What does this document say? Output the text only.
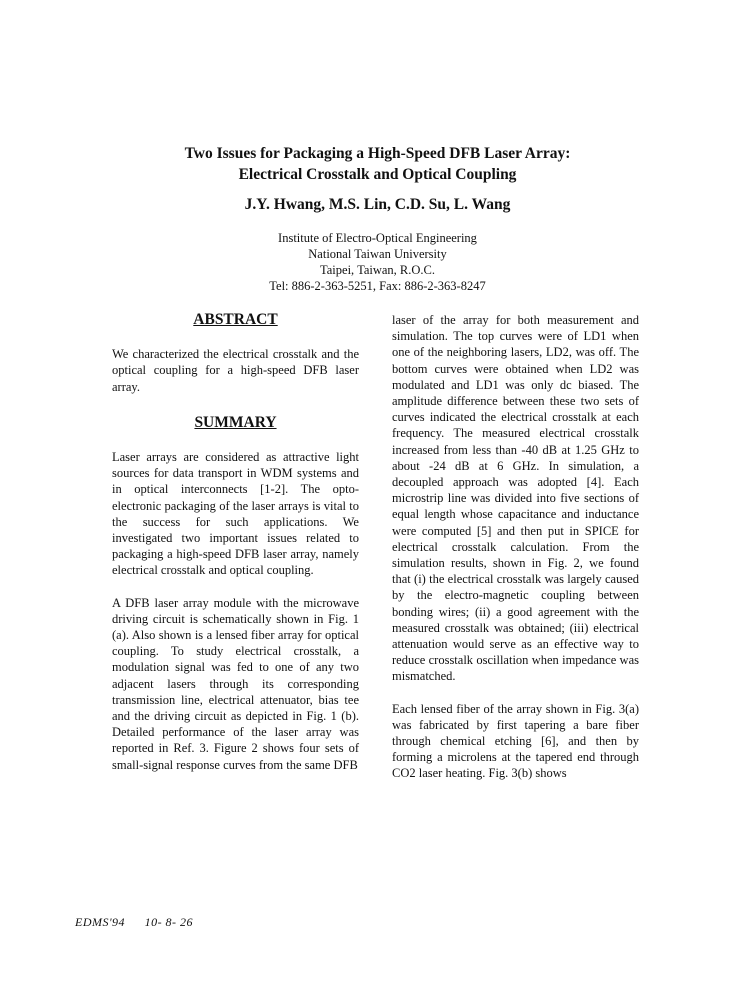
Two Issues for Packaging a High-Speed DFB Laser Array:
Electrical Crosstalk and Optical Coupling
J.Y. Hwang, M.S. Lin, C.D. Su, L. Wang
Institute of Electro-Optical Engineering
National Taiwan University
Taipei, Taiwan, R.O.C.
Tel: 886-2-363-5251, Fax: 886-2-363-8247
ABSTRACT

We characterized the electrical crosstalk and the optical coupling for a high-speed DFB laser array.

SUMMARY

Laser arrays are considered as attractive light sources for data transport in WDM systems and in optical interconnects [1-2]. The opto-electronic packaging of the laser arrays is vital to the success for such applications. We investigated two important issues related to packaging a high-speed DFB laser array, namely electrical crosstalk and optical coupling.

A DFB laser array module with the microwave driving circuit is schematically shown in Fig. 1 (a). Also shown is a lensed fiber array for optical coupling. To study electrical crosstalk, a modulation signal was fed to one of any two adjacent lasers through its corresponding transmission line, electrical attenuator, bias tee and the driving circuit as depicted in Fig. 1 (b). Detailed performance of the laser array was reported in Ref. 3. Figure 2 shows four sets of small-signal response curves from the same DFB

laser of the array for both measurement and simulation. The top curves were of LD1 when one of the neighboring lasers, LD2, was off. The bottom curves were obtained when LD2 was modulated and LD1 was only dc biased. The amplitude difference between these two sets of curves indicated the electrical crosstalk at each frequency. The measured electrical crosstalk increased from less than -40 dB at 1.25 GHz to about -24 dB at 6 GHz. In simulation, a decoupled approach was adopted [4]. Each microstrip line was divided into five sections of equal length whose capacitance and inductance were computed [5] and then put in SPICE for electrical crosstalk calculation. From the simulation results, shown in Fig. 2, we found that (i) the electrical crosstalk was largely caused by the electro-magnetic coupling between bonding wires; (ii) a good agreement with the measured crosstalk was obtained; (iii) electrical attenuation would serve as an effective way to reduce crosstalk oscillation when impedance was mismatched.

Each lensed fiber of the array shown in Fig. 3(a) was fabricated by first tapering a bare fiber through chemical etching [6], and then by forming a microlens at the tapered end through CO2 laser heating. Fig. 3(b) shows

EDMS'94 10- 8- 26
